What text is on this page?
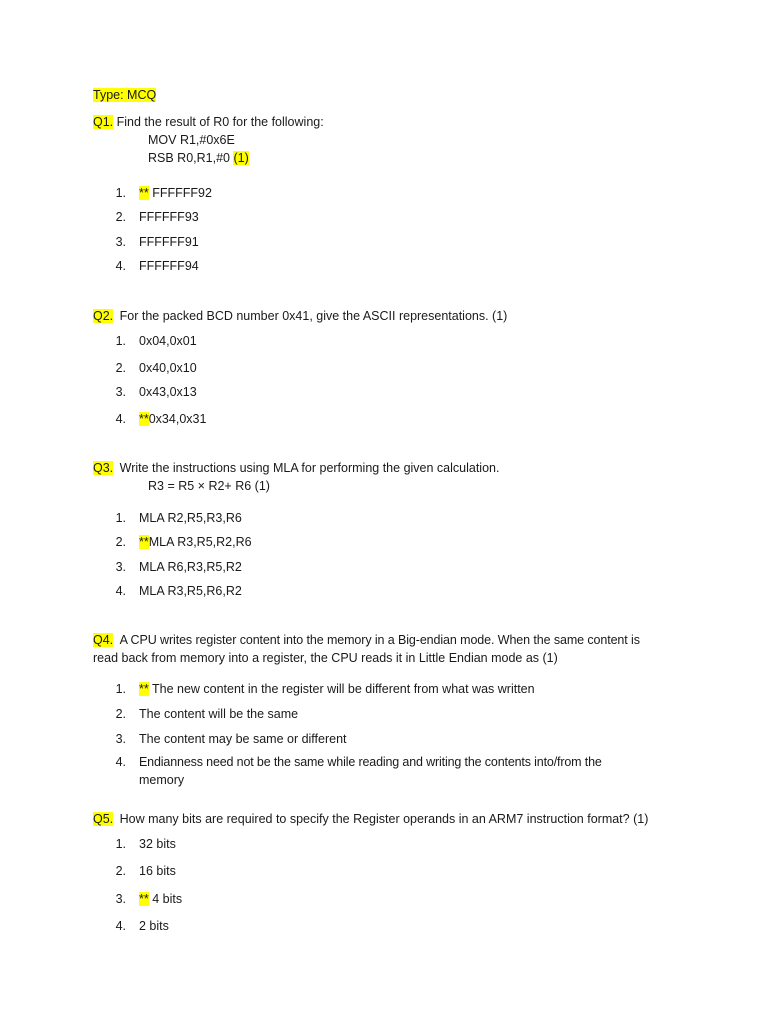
Type: MCQ
Q1. Find the result of R0 for the following:
MOV R1,#0x6E
RSB R0,R1,#0 (1)
1. ** FFFFFF92
2. FFFFFF93
3. FFFFFF91
4. FFFFFF94
Q2. For the packed BCD number 0x41, give the ASCII representations. (1)
1. 0x04,0x01
2. 0x40,0x10
3. 0x43,0x13
4. **0x34,0x31
Q3. Write the instructions using MLA for performing the given calculation.
R3 = R5 × R2+ R6 (1)
1. MLA R2,R5,R3,R6
2. **MLA R3,R5,R2,R6
3. MLA R6,R3,R5,R2
4. MLA R3,R5,R6,R2
Q4. A CPU writes register content into the memory in a Big-endian mode. When the same content is
read back from memory into a register, the CPU reads it in Little Endian mode as (1)
1. ** The new content in the register will be different from what was written
2. The content will be the same
3. The content may be same or different
4. Endianness need not be the same while reading and writing the contents into/from the
memory
Q5. How many bits are required to specify the Register operands in an ARM7 instruction format? (1)
1. 32 bits
2. 16 bits
3. ** 4 bits
4. 2 bits
